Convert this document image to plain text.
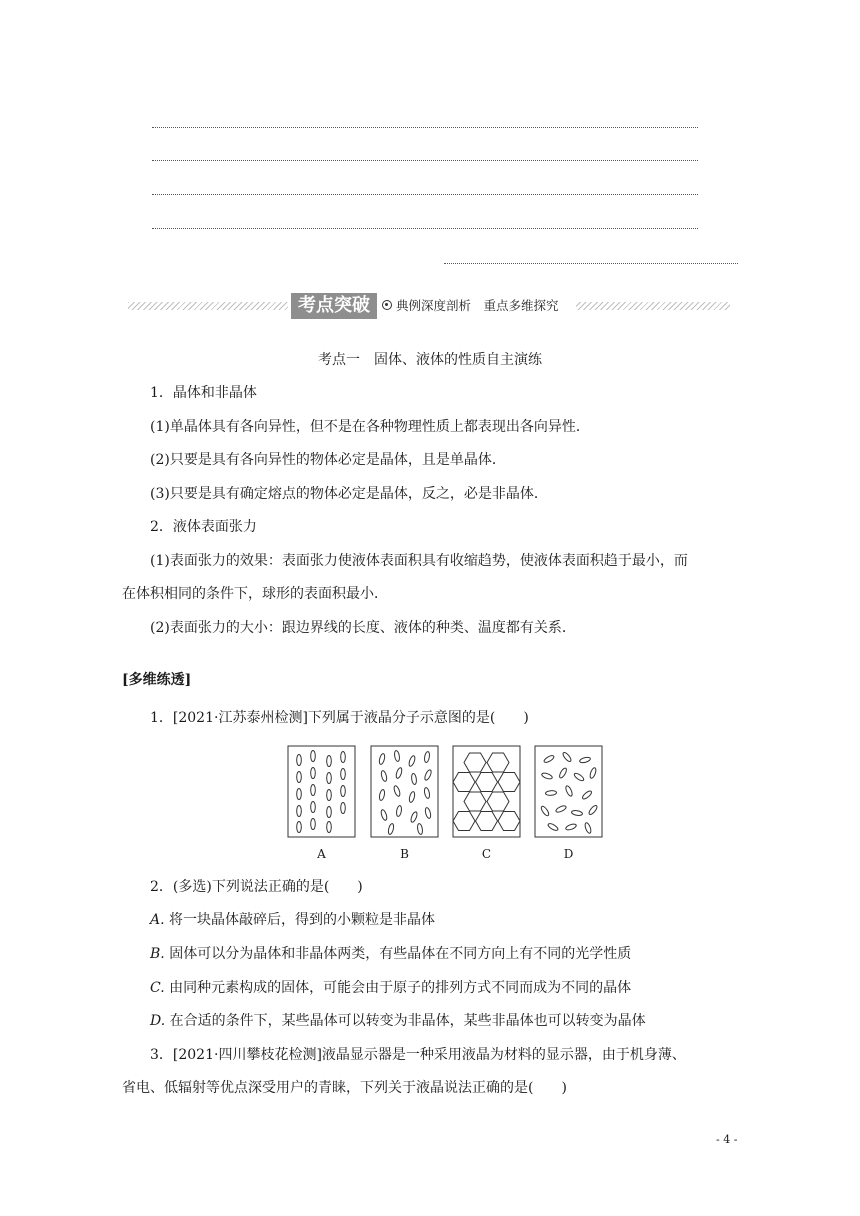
考点突破	典例深度剖析　重点多维探究
考点一　固体、液体的性质自主演练
1．晶体和非晶体
(1)单晶体具有各向异性，但不是在各种物理性质上都表现出各向异性．
(2)只要是具有各向异性的物体必定是晶体，且是单晶体．
(3)只要是具有确定熔点的物体必定是晶体，反之，必是非晶体．
2．液体表面张力
(1)表面张力的效果：表面张力使液体表面积具有收缩趋势，使液体表面积趋于最小，而
在体积相同的条件下，球形的表面积最小．
(2)表面张力的大小：跟边界线的长度、液体的种类、温度都有关系．
[多维练透]
1．[2021·江苏泰州检测]下列属于液晶分子示意图的是(　　)
A	B	C	D
2．(多选)下列说法正确的是(　　)
A. 将一块晶体敲碎后，得到的小颗粒是非晶体
B. 固体可以分为晶体和非晶体两类，有些晶体在不同方向上有不同的光学性质
C. 由同种元素构成的固体，可能会由于原子的排列方式不同而成为不同的晶体
D. 在合适的条件下，某些晶体可以转变为非晶体，某些非晶体也可以转变为晶体
3．[2021·四川攀枝花检测]液晶显示器是一种采用液晶为材料的显示器，由于机身薄、
省电、低辐射等优点深受用户的青睐，下列关于液晶说法正确的是(　　)
- 4 -
